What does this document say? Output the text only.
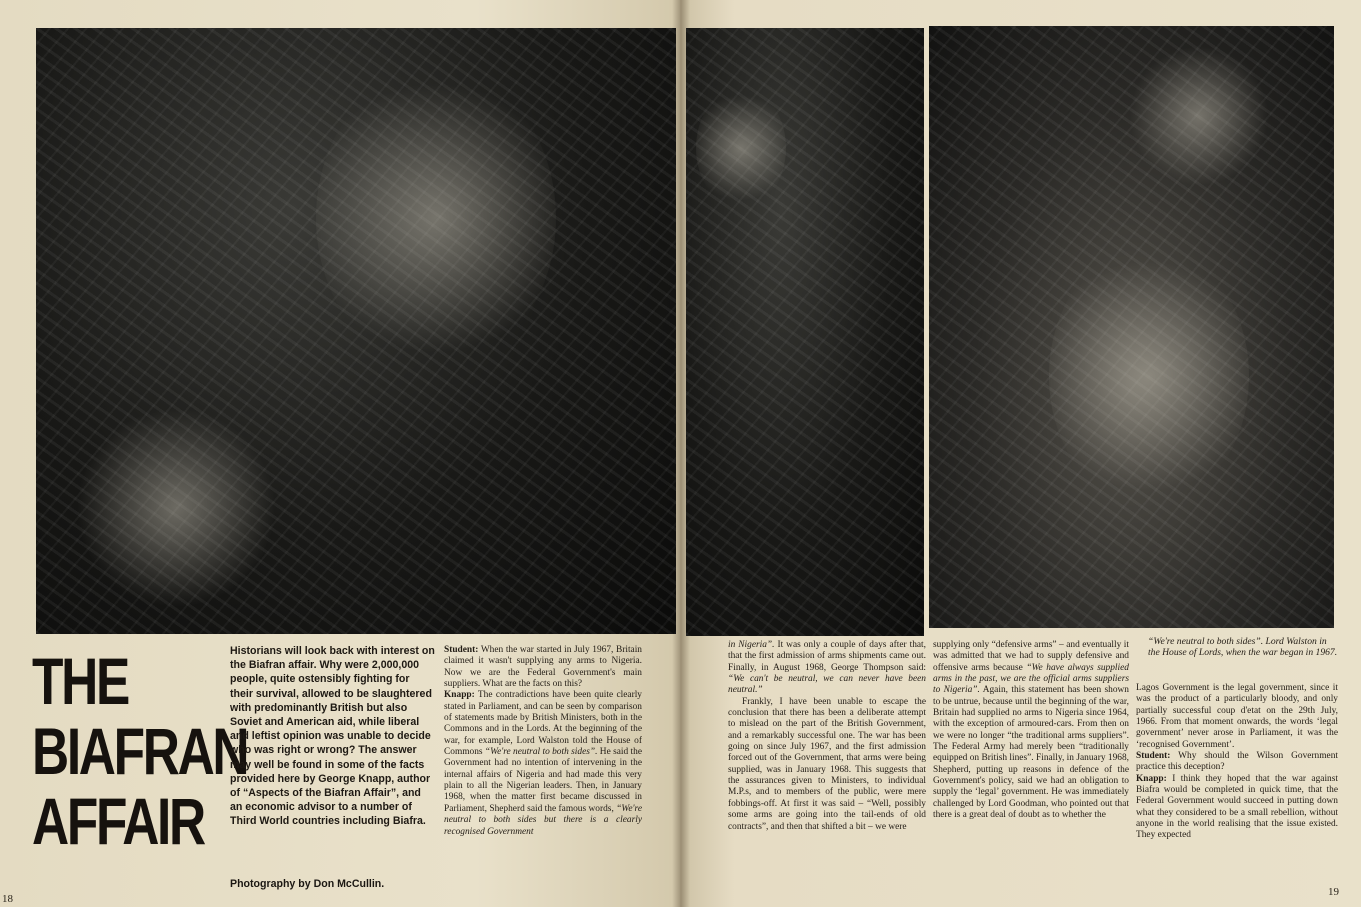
THE
BIAFRAN
AFFAIR

Historians will look back with interest on the Biafran affair. Why were 2,000,000 people, quite ostensibly fighting for their survival, allowed to be slaughtered with predominantly British but also Soviet and American aid, while liberal and leftist opinion was unable to decide who was right or wrong? The answer may well be found in some of the facts provided here by George Knapp, author of “Aspects of the Biafran Affair”, and an economic advisor to a number of Third World countries including Biafra.

Photography by Don McCullin.

Student: When the war started in July 1967, Britain claimed it wasn't supplying any arms to Nigeria. Now we are the Federal Government's main suppliers. What are the facts on this?

Knapp: The contradictions have been quite clearly stated in Parliament, and can be seen by comparison of statements made by British Ministers, both in the Commons and in the Lords. At the beginning of the war, for example, Lord Walston told the House of Commons “We're neutral to both sides”. He said the Government had no intention of intervening in the internal affairs of Nigeria and had made this very plain to all the Nigerian leaders. Then, in January 1968, when the matter first became discussed in Parliament, Shepherd said the famous words, “We're neutral to both sides but there is a clearly recognised Government

in Nigeria”. It was only a couple of days after that, that the first admission of arms shipments came out. Finally, in August 1968, George Thompson said: “We can't be neutral, we can never have been neutral.”

Frankly, I have been unable to escape the conclusion that there has been a deliberate attempt to mislead on the part of the British Government, and a remarkably successful one. The war has been going on since July 1967, and the first admission forced out of the Government, that arms were being supplied, was in January 1968. This suggests that the assurances given to Ministers, to individual M.P.s, and to members of the public, were mere fobbings-off. At first it was said – “Well, possibly some arms are going into the tail-ends of old contracts”, and then that shifted a bit – we were

supplying only “defensive arms” – and eventually it was admitted that we had to supply defensive and offensive arms because “We have always supplied arms in the past, we are the official arms suppliers to Nigeria”. Again, this statement has been shown to be untrue, because until the beginning of the war, Britain had supplied no arms to Nigeria since 1964, with the exception of armoured-cars. From then on we were no longer “the traditional arms suppliers”. The Federal Army had merely been “traditionally equipped on British lines”. Finally, in January 1968, Shepherd, putting up reasons in defence of the Government's policy, said we had an obligation to supply the ‘legal’ government. He was immediately challenged by Lord Goodman, who pointed out that there is a great deal of doubt as to whether the

“We're neutral to both sides”. Lord Walston in the House of Lords, when the war began in 1967.

Lagos Government is the legal government, since it was the product of a particularly bloody, and only partially successful coup d'etat on the 29th July, 1966. From that moment onwards, the words ‘legal government’ never arose in Parliament, it was the ‘recognised Government’.

Student: Why should the Wilson Government practice this deception?

Knapp: I think they hoped that the war against Biafra would be completed in quick time, that the Federal Government would succeed in putting down what they considered to be a small rebellion, without anyone in the world realising that the issue existed. They expected

18
19
